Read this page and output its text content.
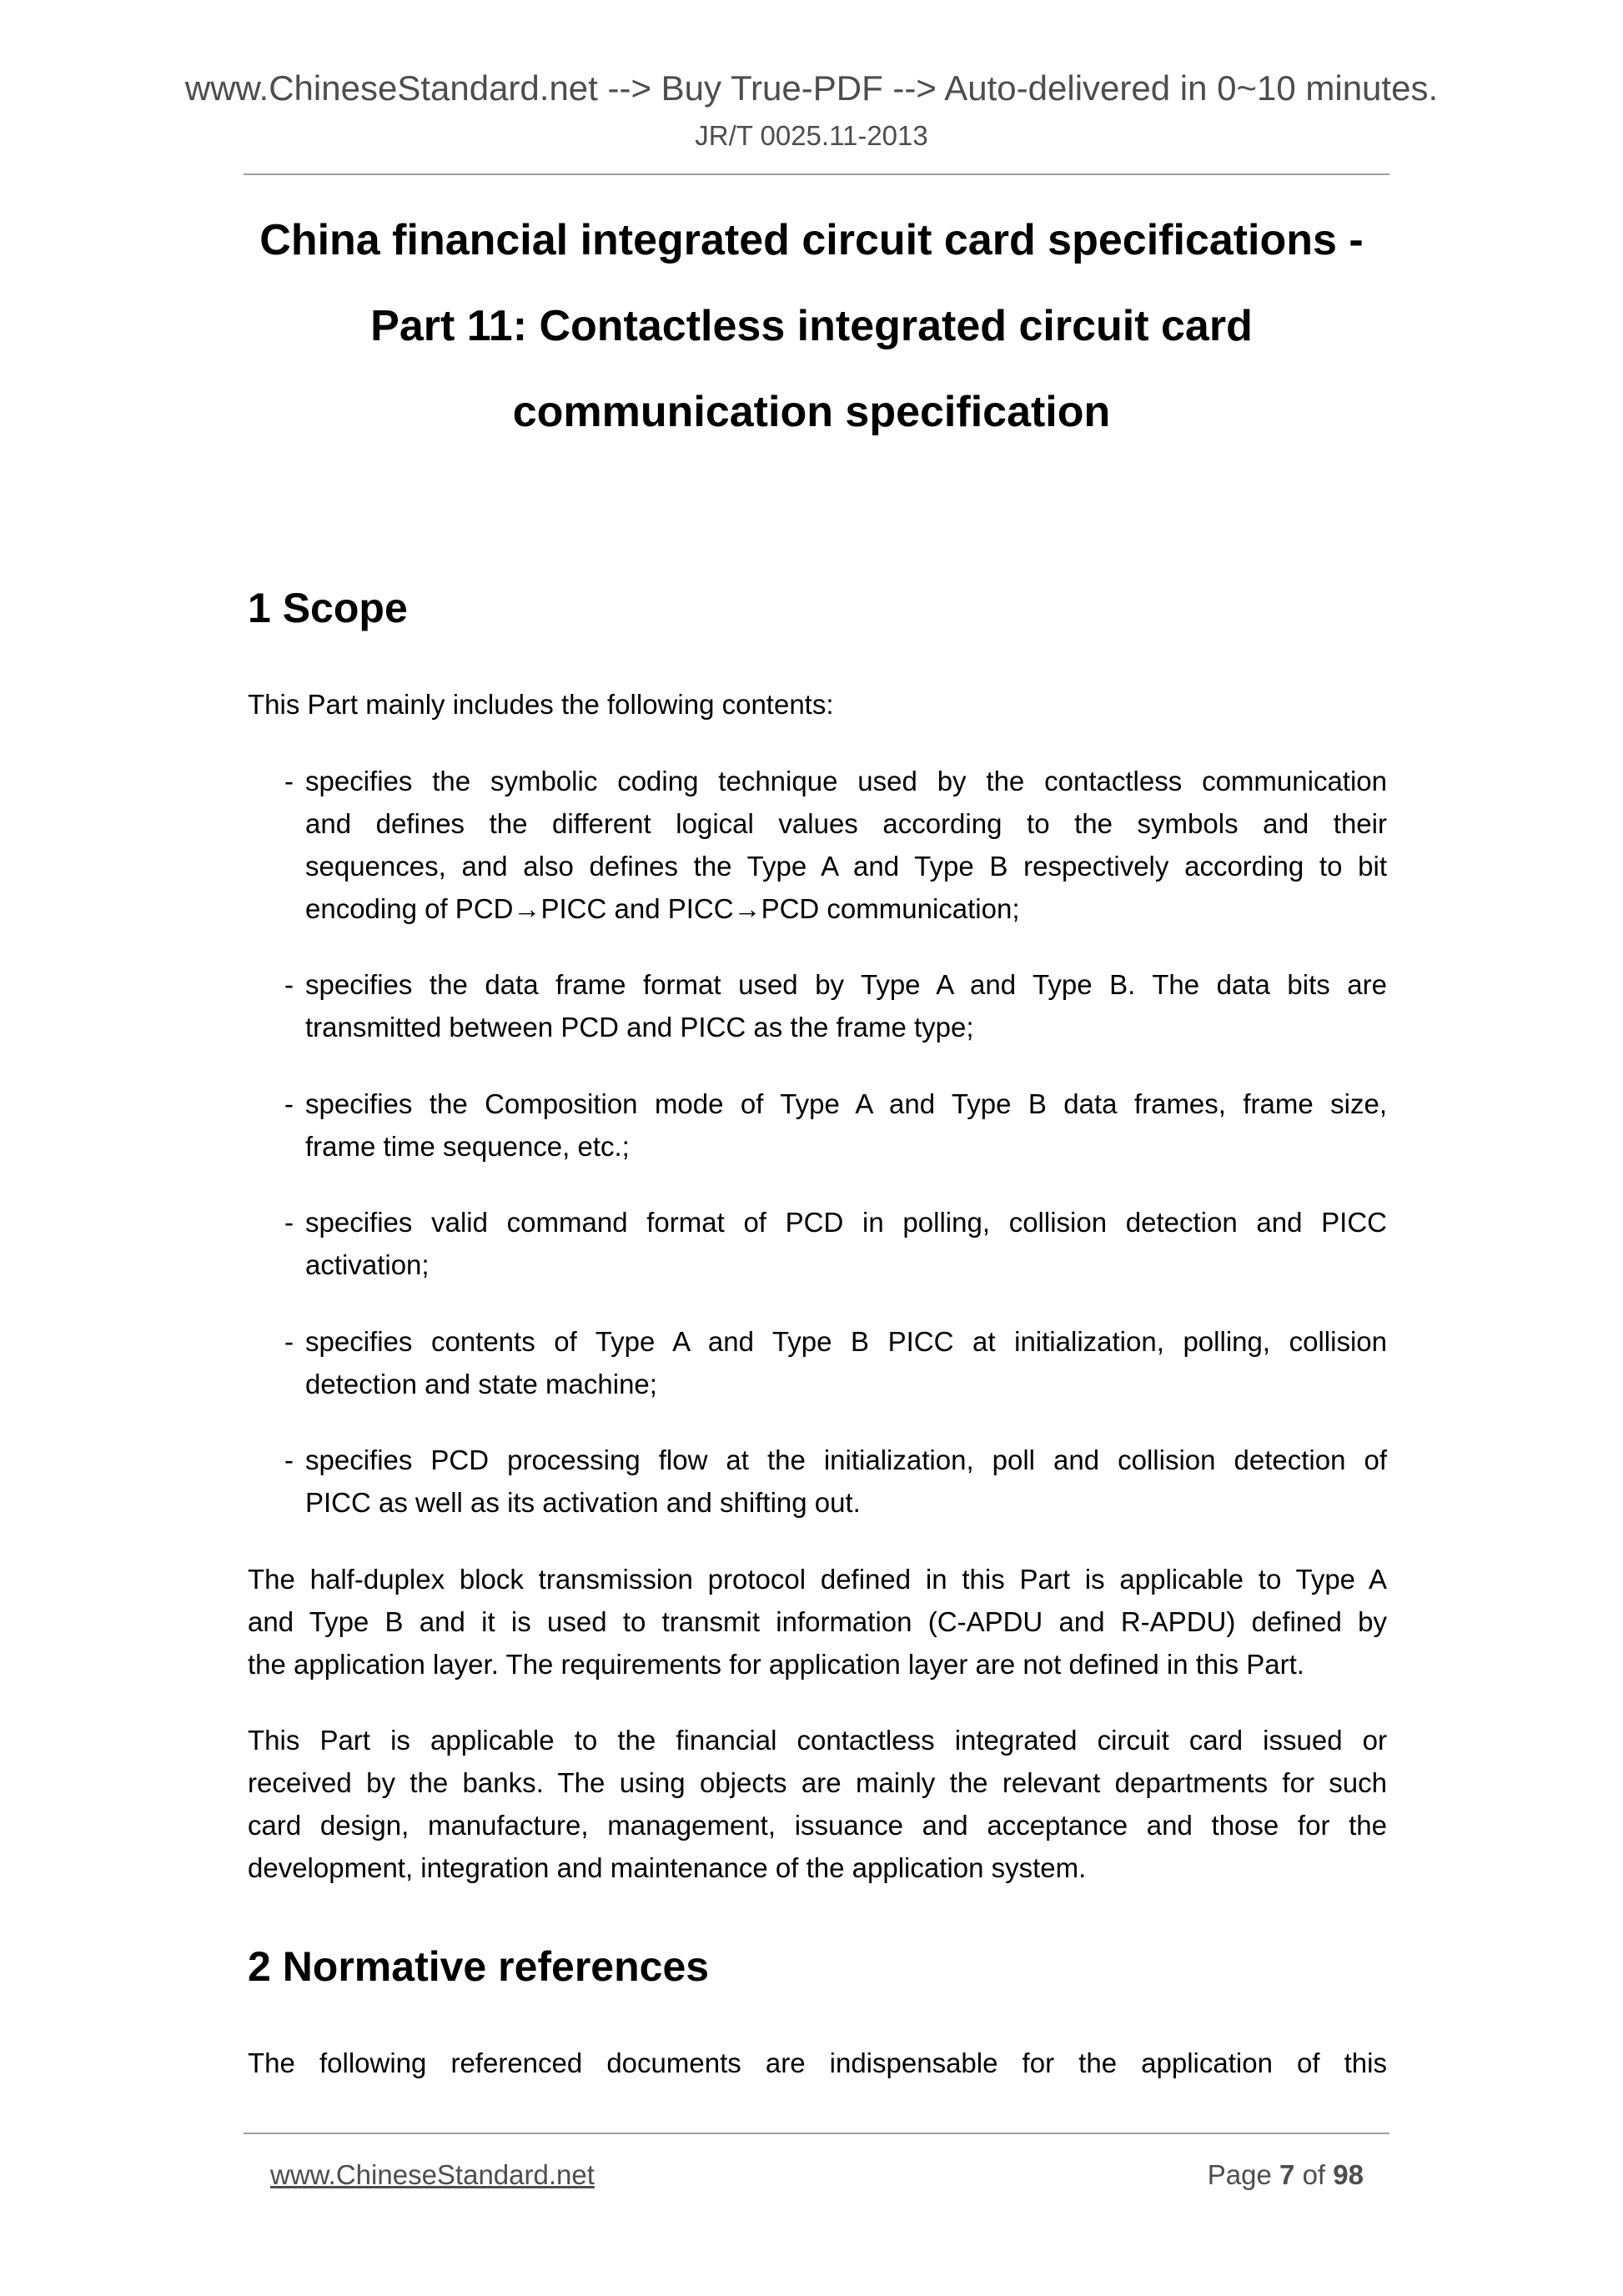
www.ChineseStandard.net --> Buy True-PDF --> Auto-delivered in 0~10 minutes.
JR/T 0025.11-2013
China financial integrated circuit card specifications -
Part 11: Contactless integrated circuit card
communication specification
1 Scope
This Part mainly includes the following contents:
- specifies the symbolic coding technique used by the contactless communication
and defines the different logical values according to the symbols and their
sequences, and also defines the Type A and Type B respectively according to bit
encoding of PCD→PICC and PICC→PCD communication;
- specifies the data frame format used by Type A and Type B. The data bits are
transmitted between PCD and PICC as the frame type;
- specifies the Composition mode of Type A and Type B data frames, frame size,
frame time sequence, etc.;
- specifies valid command format of PCD in polling, collision detection and PICC
activation;
- specifies contents of Type A and Type B PICC at initialization, polling, collision
detection and state machine;
- specifies PCD processing flow at the initialization, poll and collision detection of
PICC as well as its activation and shifting out.
The half-duplex block transmission protocol defined in this Part is applicable to Type A
and Type B and it is used to transmit information (C-APDU and R-APDU) defined by
the application layer. The requirements for application layer are not defined in this Part.
This Part is applicable to the financial contactless integrated circuit card issued or
received by the banks. The using objects are mainly the relevant departments for such
card design, manufacture, management, issuance and acceptance and those for the
development, integration and maintenance of the application system.
2 Normative references
The following referenced documents are indispensable for the application of this
www.ChineseStandard.net	Page 7 of 98
